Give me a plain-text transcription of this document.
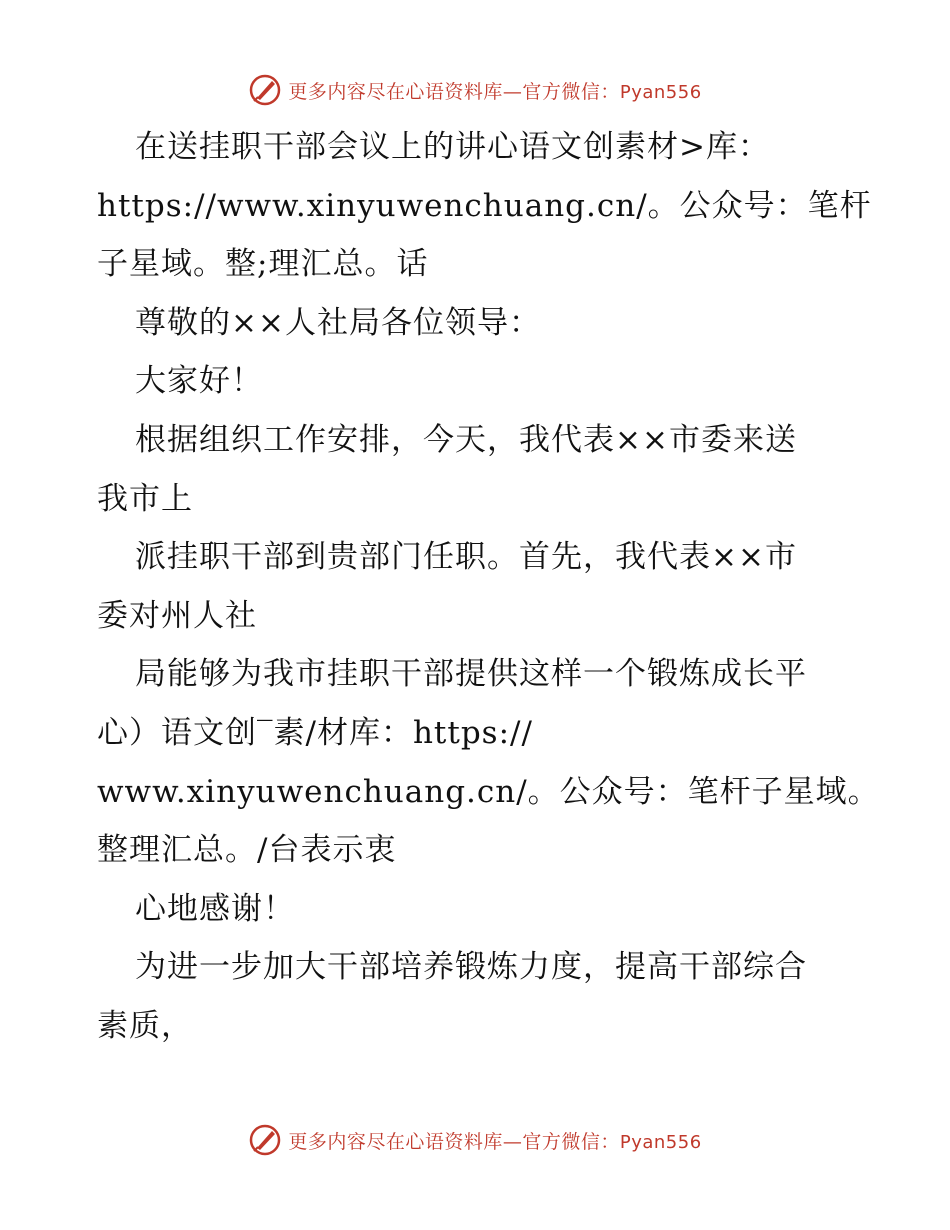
更多内容尽在心语资料库—官方微信：Pyan556
在送挂职干部会议上的讲心语文创素材>库：
https://www.xinyuwenchuang.cn/。公众号：笔杆
子星域。整;理汇总。话
尊敬的××人社局各位领导：
大家好！
根据组织工作安排，今天，我代表××市委来送
我市上
派挂职干部到贵部门任职。首先，我代表××市
委对州人社
局能够为我市挂职干部提供这样一个锻炼成长平
心）语文创‾素/材库：https://
www.xinyuwenchuang.cn/。公众号：笔杆子星域。
整理汇总。/台表示衷
心地感谢！
为进一步加大干部培养锻炼力度，提高干部综合
素质，
更多内容尽在心语资料库—官方微信：Pyan556
